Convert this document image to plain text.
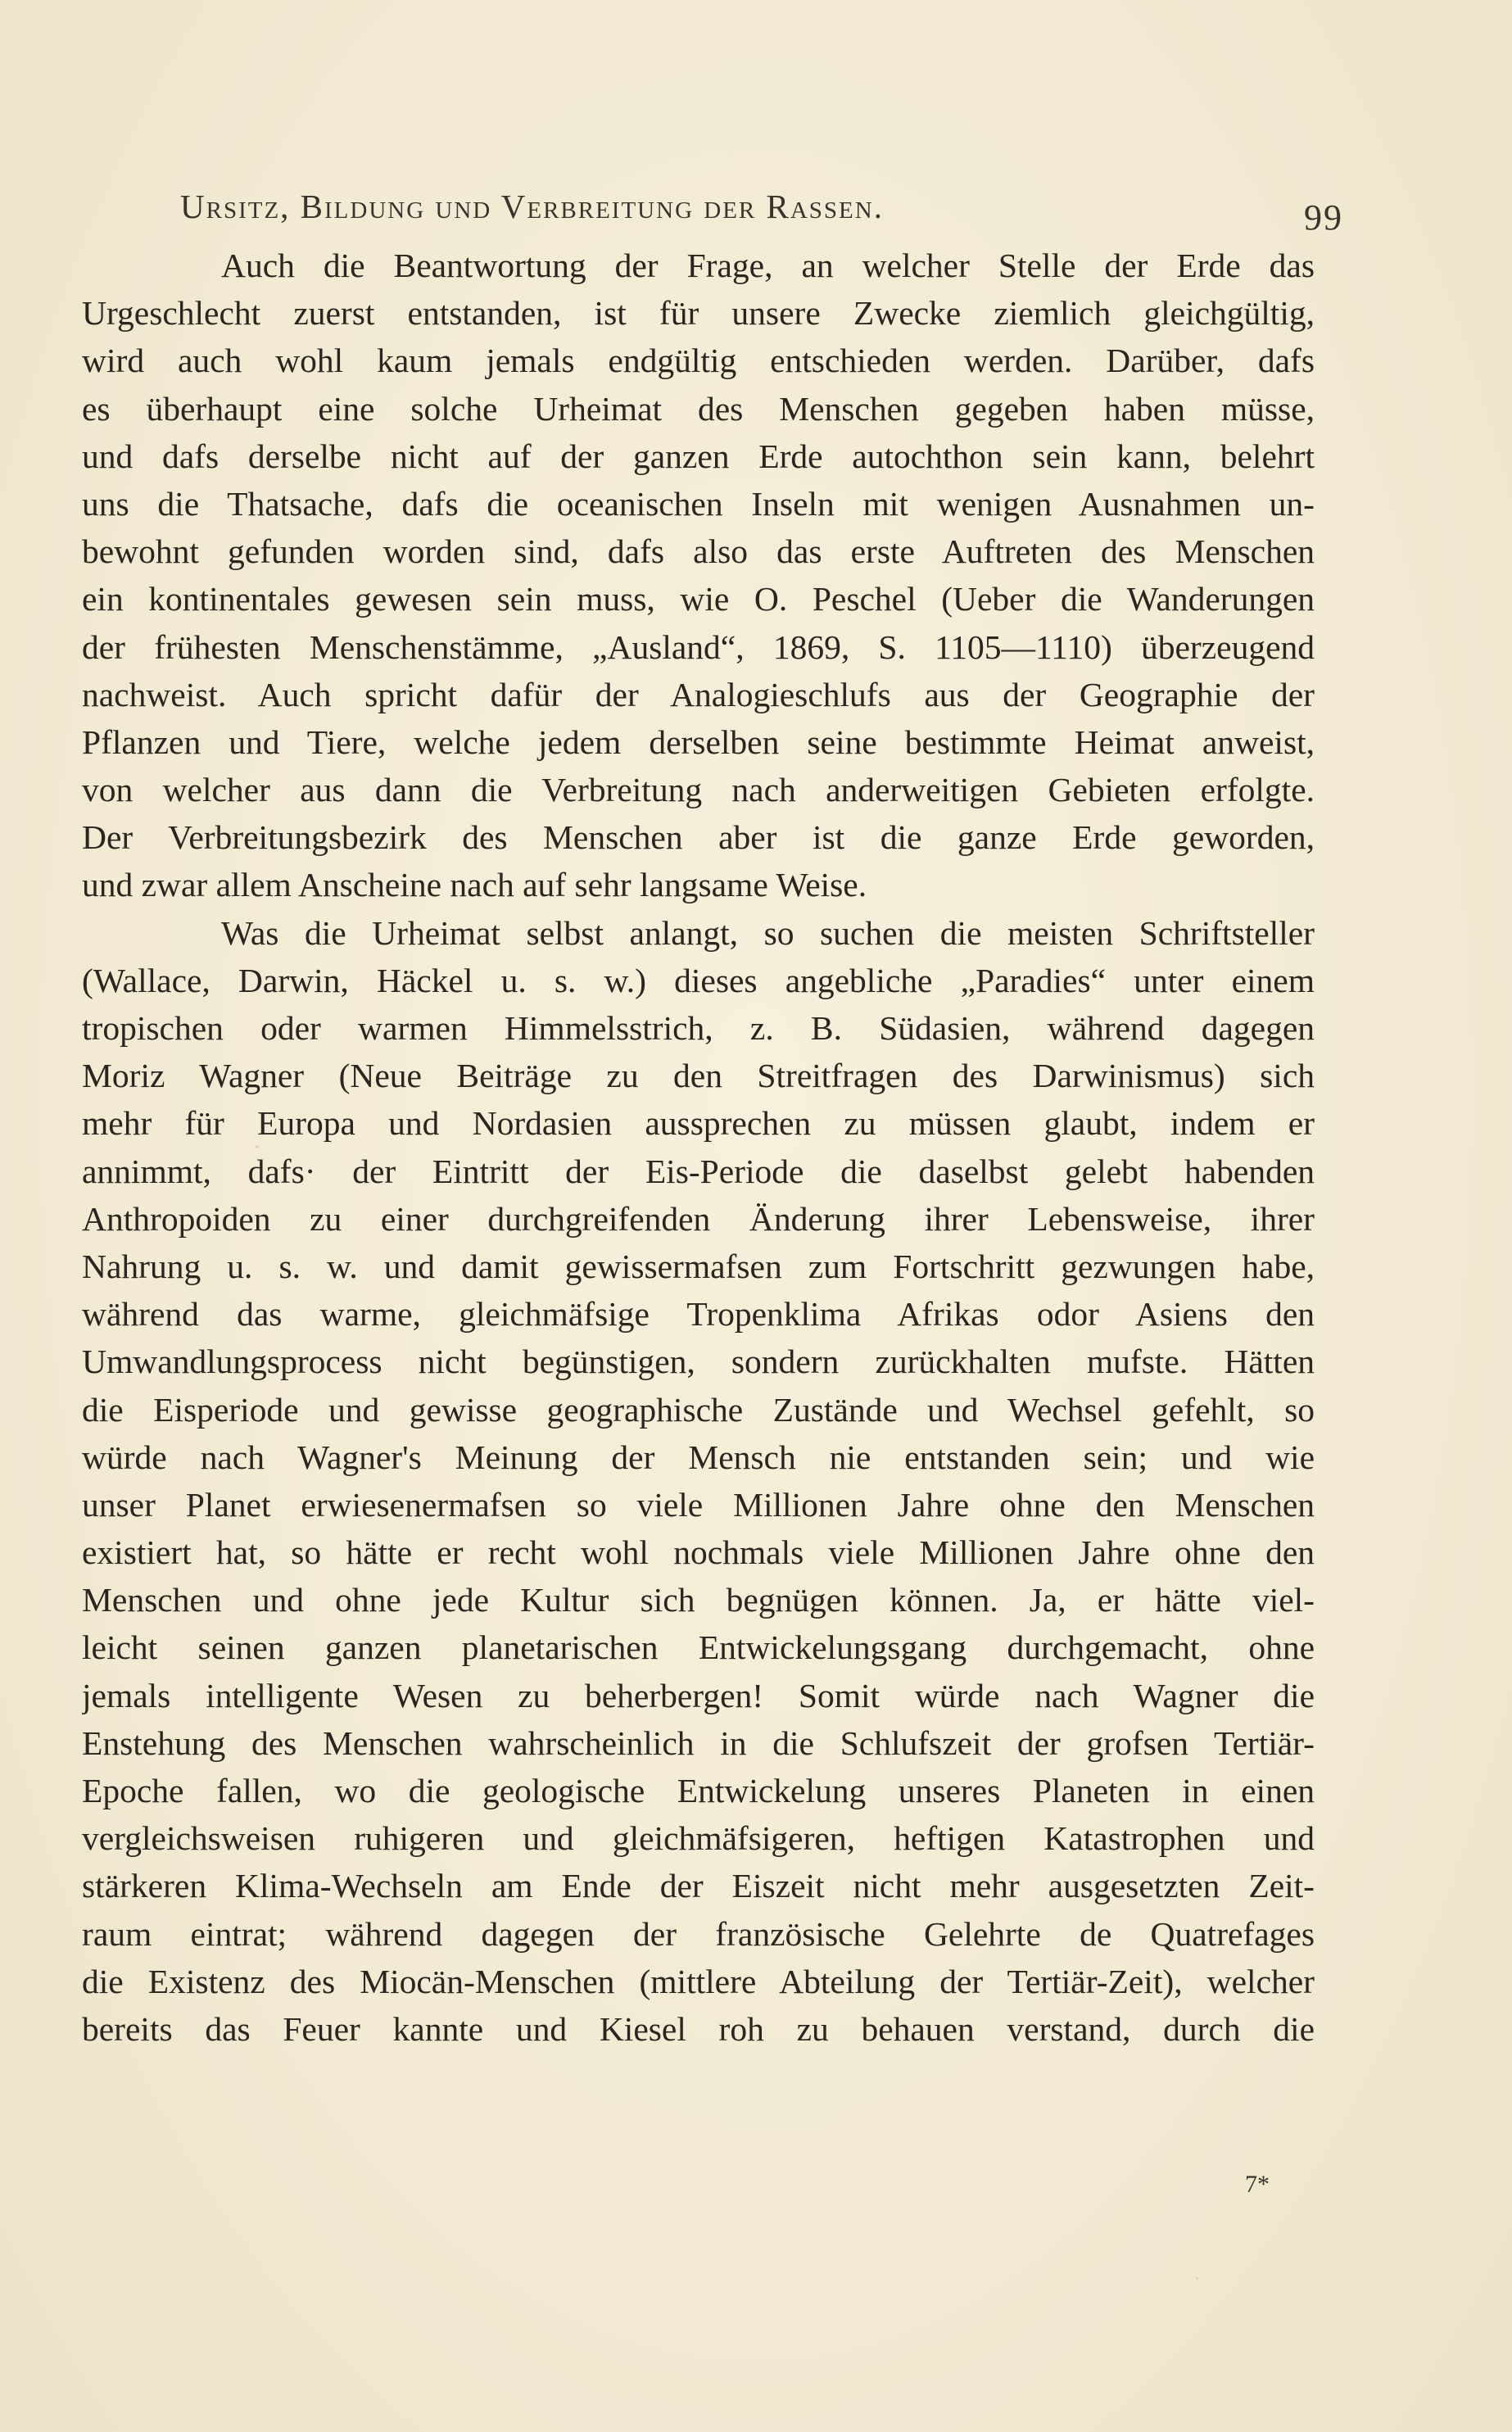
Ursitz, Bildung und Verbreitung der Rassen.	99
Auch die Beantwortung der Frage, an welcher Stelle der Erde das
Urgeschlecht zuerst entstanden, ist für unsere Zwecke ziemlich gleichgültig,
wird auch wohl kaum jemals endgültig entschieden werden. Darüber, dafs
es überhaupt eine solche Urheimat des Menschen gegeben haben müsse,
und dafs derselbe nicht auf der ganzen Erde autochthon sein kann, belehrt
uns die Thatsache, dafs die oceanischen Inseln mit wenigen Ausnahmen un-
bewohnt gefunden worden sind, dafs also das erste Auftreten des Menschen
ein kontinentales gewesen sein muss, wie O. Peschel (Ueber die Wanderungen
der frühesten Menschenstämme, „Ausland“, 1869, S. 1105—1110) überzeugend
nachweist. Auch spricht dafür der Analogieschlufs aus der Geographie der
Pflanzen und Tiere, welche jedem derselben seine bestimmte Heimat anweist,
von welcher aus dann die Verbreitung nach anderweitigen Gebieten erfolgte.
Der Verbreitungsbezirk des Menschen aber ist die ganze Erde geworden,
und zwar allem Anscheine nach auf sehr langsame Weise.
Was die Urheimat selbst anlangt, so suchen die meisten Schriftsteller
(Wallace, Darwin, Häckel u. s. w.) dieses angebliche „Paradies“ unter einem
tropischen oder warmen Himmelsstrich, z. B. Südasien, während dagegen
Moriz Wagner (Neue Beiträge zu den Streitfragen des Darwinismus) sich
mehr für Europa und Nordasien aussprechen zu müssen glaubt, indem er
annimmt, dafs· der Eintritt der Eis-Periode die daselbst gelebt habenden
Anthropoiden zu einer durchgreifenden Änderung ihrer Lebensweise, ihrer
Nahrung u. s. w. und damit gewissermafsen zum Fortschritt gezwungen habe,
während das warme, gleichmäfsige Tropenklima Afrikas odor Asiens den
Umwandlungsprocess nicht begünstigen, sondern zurückhalten mufste. Hätten
die Eisperiode und gewisse geographische Zustände und Wechsel gefehlt, so
würde nach Wagner's Meinung der Mensch nie entstanden sein; und wie
unser Planet erwiesenermafsen so viele Millionen Jahre ohne den Menschen
existiert hat, so hätte er recht wohl nochmals viele Millionen Jahre ohne den
Menschen und ohne jede Kultur sich begnügen können. Ja, er hätte viel-
leicht seinen ganzen planetarischen Entwickelungsgang durchgemacht, ohne
jemals intelligente Wesen zu beherbergen! Somit würde nach Wagner die
Enstehung des Menschen wahrscheinlich in die Schlufszeit der grofsen Tertiär-
Epoche fallen, wo die geologische Entwickelung unseres Planeten in einen
vergleichsweisen ruhigeren und gleichmäfsigeren, heftigen Katastrophen und
stärkeren Klima-Wechseln am Ende der Eiszeit nicht mehr ausgesetzten Zeit-
raum eintrat; während dagegen der französische Gelehrte de Quatrefages
die Existenz des Miocän-Menschen (mittlere Abteilung der Tertiär-Zeit), welcher
bereits das Feuer kannte und Kiesel roh zu behauen verstand, durch die
7*
